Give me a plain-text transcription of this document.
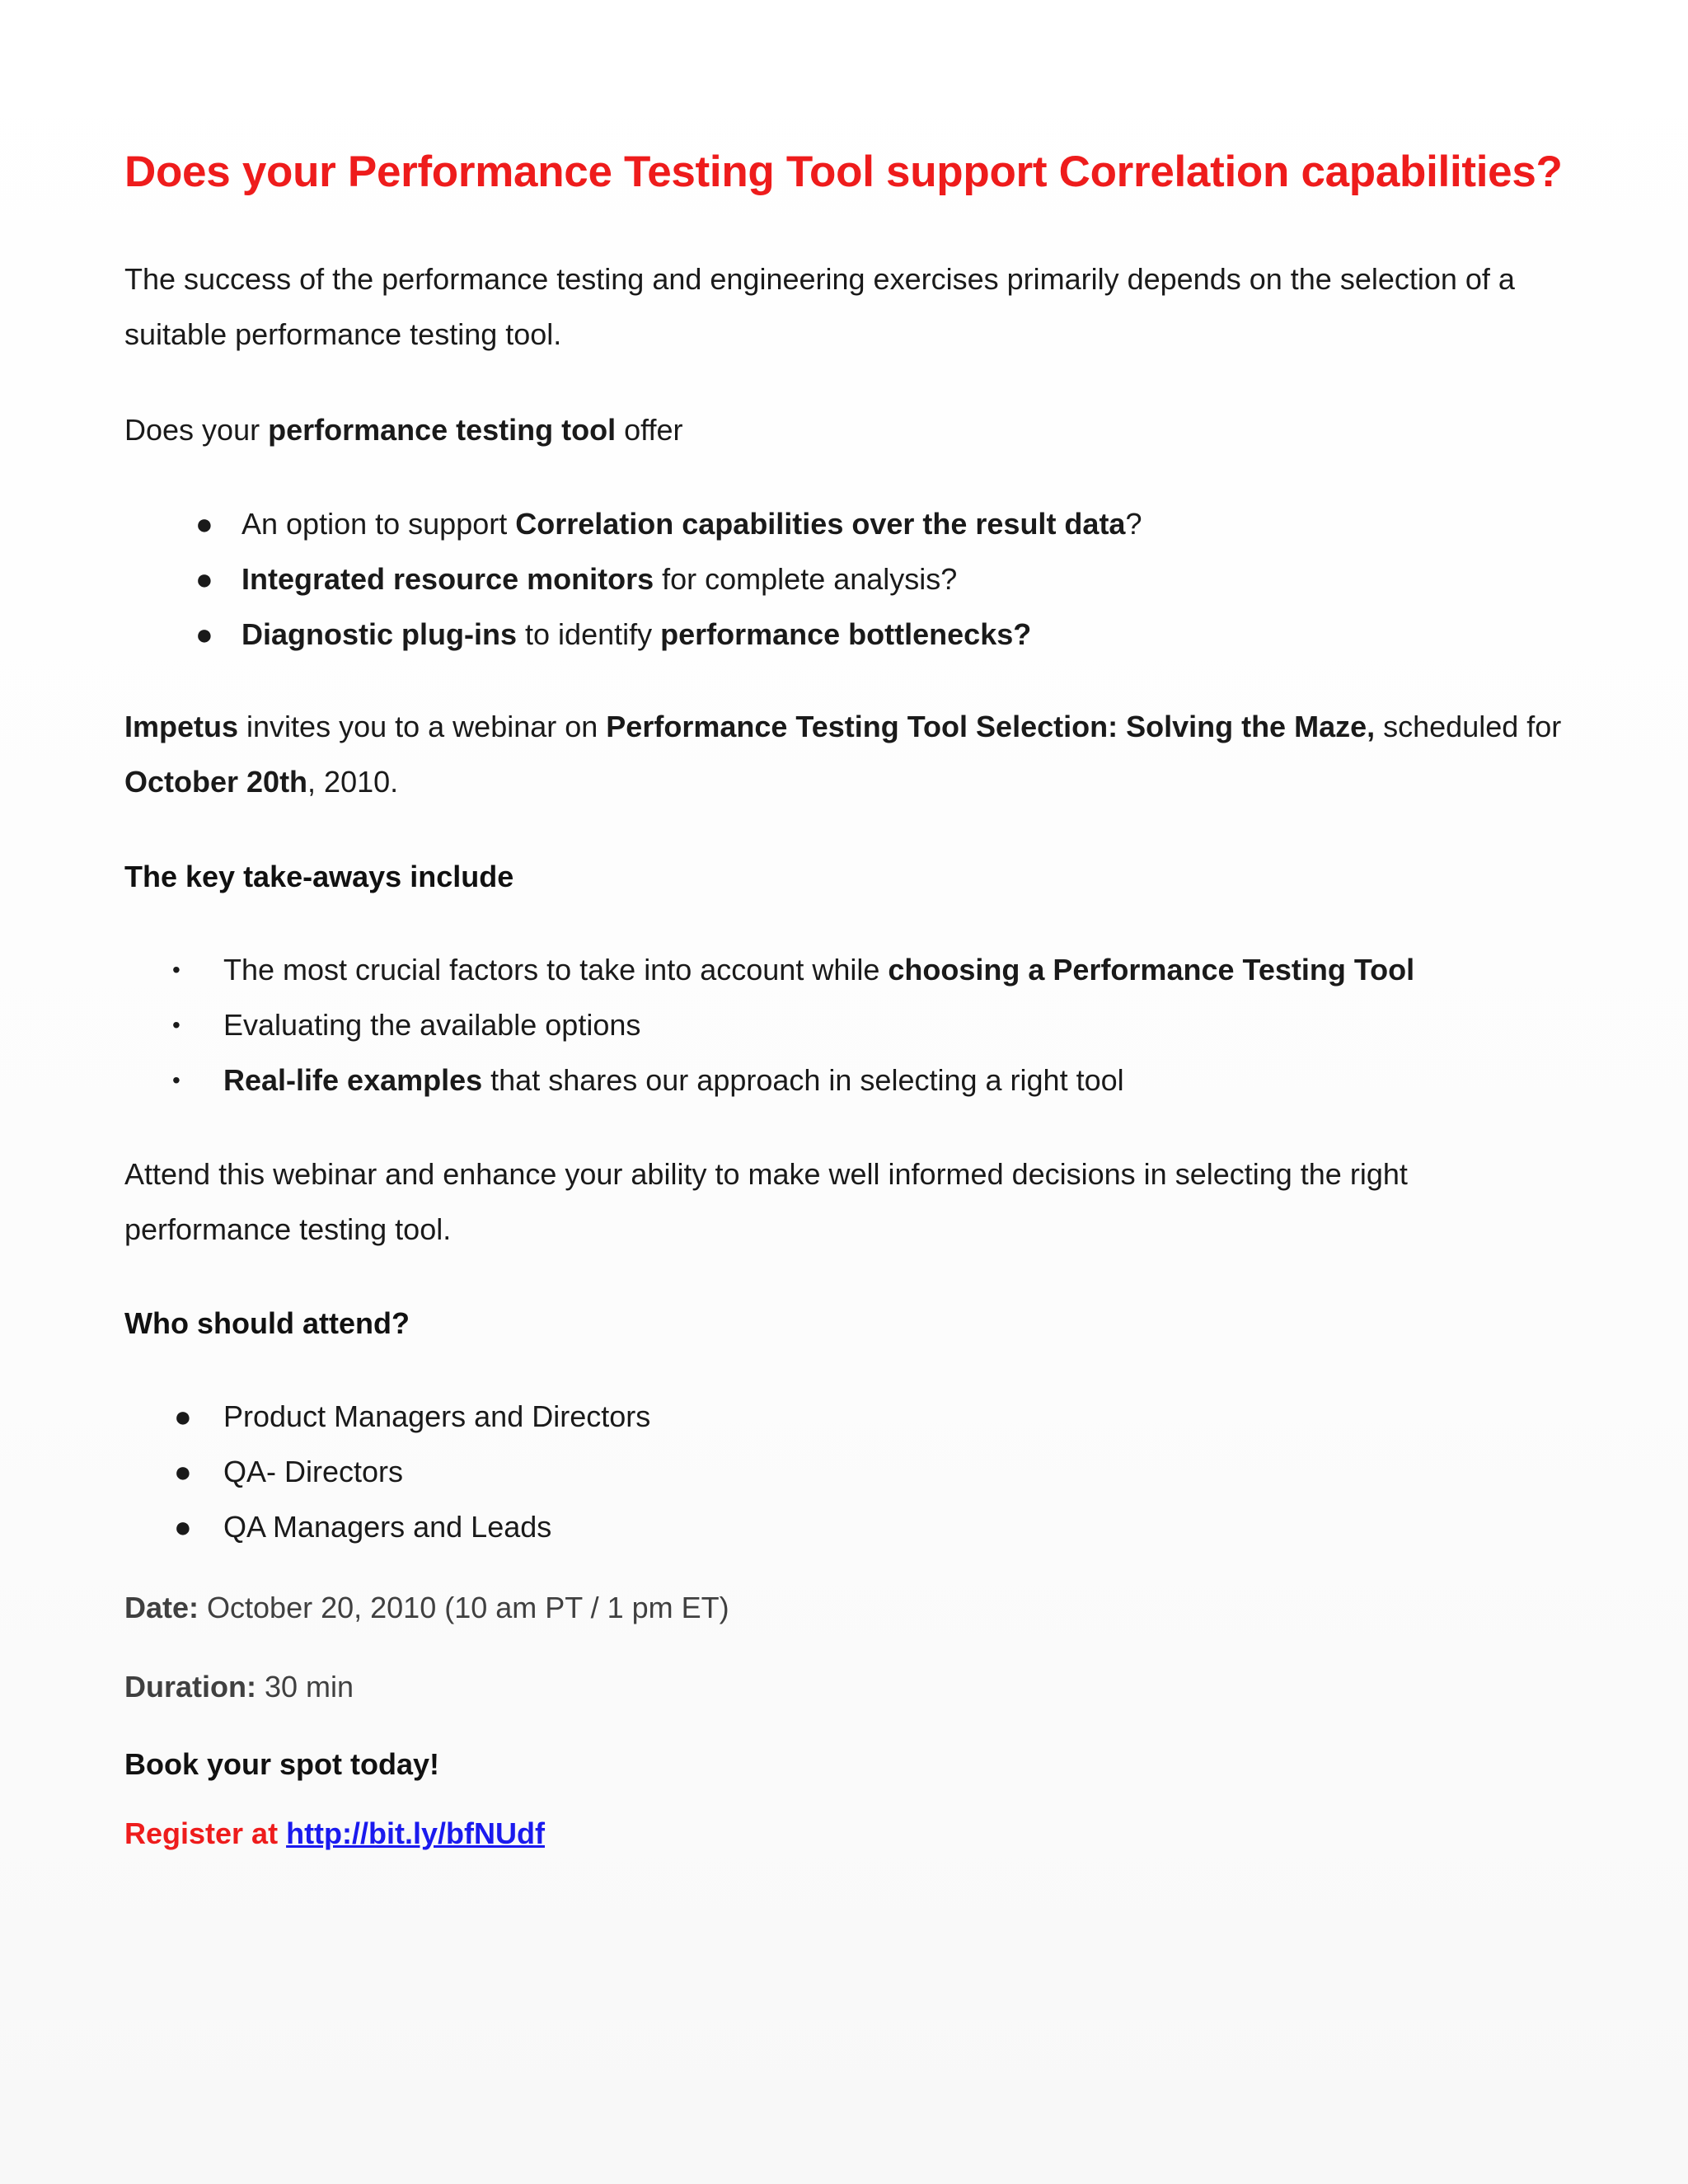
Does your Performance Testing Tool support Correlation capabilities?

The success of the performance testing and engineering exercises primarily depends on the selection of a
suitable performance testing tool.

Does your performance testing tool offer

● An option to support Correlation capabilities over the result data?
● Integrated resource monitors for complete analysis?
● Diagnostic plug-ins to identify performance bottlenecks?

Impetus invites you to a webinar on Performance Testing Tool Selection: Solving the Maze, scheduled for
October 20th, 2010.

The key take-aways include
• The most crucial factors to take into account while choosing a Performance Testing Tool
• Evaluating the available options
• Real-life examples that shares our approach in selecting a right tool

Attend this webinar and enhance your ability to make well informed decisions in selecting the right
performance testing tool.

Who should attend?
● Product Managers and Directors
● QA- Directors
● QA Managers and Leads

Date: October 20, 2010 (10 am PT / 1 pm ET)

Duration: 30 min

Book your spot today!

Register at http://bit.ly/bfNUdf
